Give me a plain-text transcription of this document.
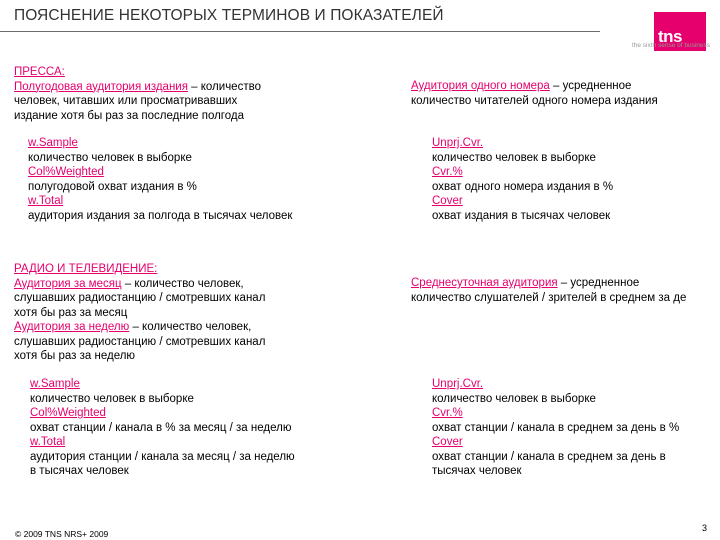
ПОЯСНЕНИЕ НЕКОТОРЫХ ТЕРМИНОВ И ПОКАЗАТЕЛЕЙ
tns
the sixth sense of business
ПРЕССА:
Полугодовая аудитория издания – количество
человек, читавших или просматривавших
издание хотя бы раз за последние полгода
Аудитория одного номера – усредненное
количество читателей одного номера издания
w.Sample
количество человек в выборке
Col%Weighted
полугодовой охват издания в %
w.Total
аудитория издания за полгода в тысячах человек
Unprj.Cvr.
количество человек в выборке
Cvr.%
охват одного номера издания в %
Cover
охват издания в тысячах человек
РАДИО И ТЕЛЕВИДЕНИЕ:
Аудитория за месяц – количество человек,
слушавших радиостанцию / смотревших канал
хотя бы раз за месяц
Аудитория за неделю – количество человек,
слушавших радиостанцию / смотревших канал
хотя бы раз за неделю
Среднесуточная аудитория – усредненное
количество слушателей / зрителей в среднем за де
w.Sample
количество человек в выборке
Col%Weighted
охват станции / канала в % за месяц / за неделю
w.Total
аудитория станции / канала за месяц / за неделю
в тысячах человек
Unprj.Cvr.
количество человек в выборке
Cvr.%
охват станции / канала в среднем за день в %
Cover
охват станции / канала в среднем за день в
тысячах человек
© 2009 TNS NRS+ 2009
3
